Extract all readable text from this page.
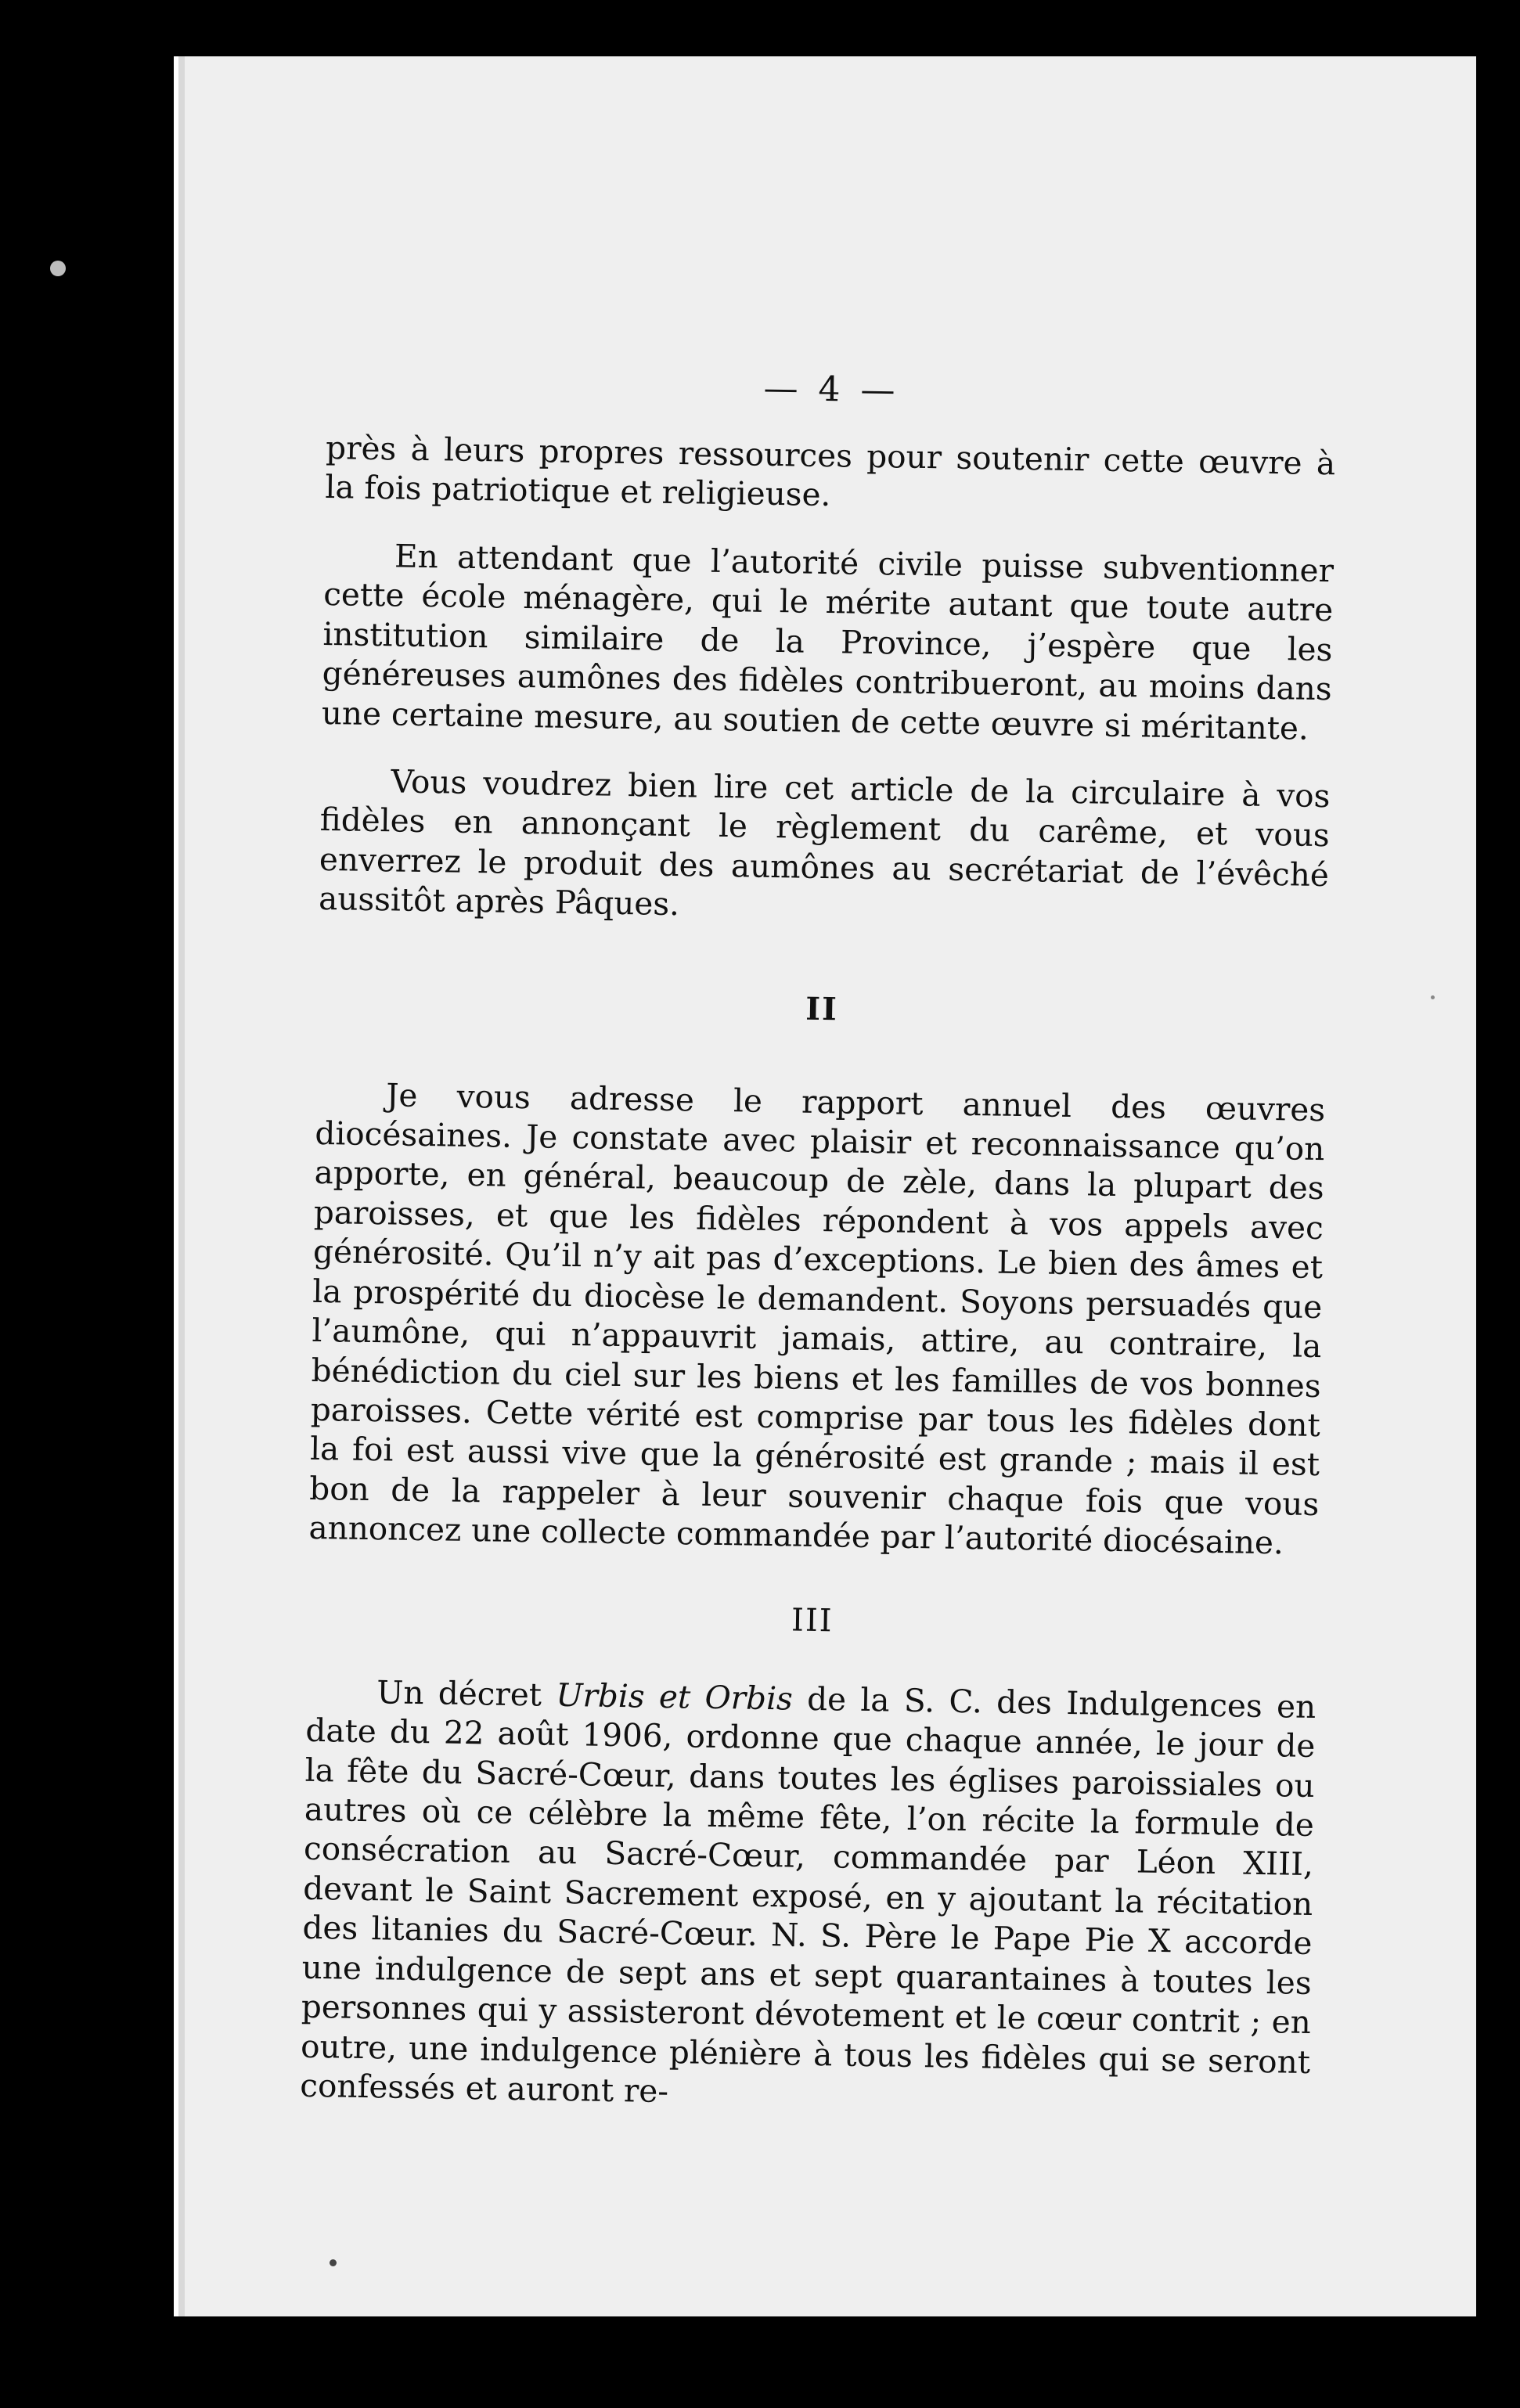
— 4 —

près à leurs propres ressources pour soutenir cette œuvre à la fois patriotique et religieuse.

En attendant que l’autorité civile puisse subventionner cette école ménagère, qui le mérite autant que toute autre institution similaire de la Province, j’espère que les généreuses aumônes des fidèles contribueront, au moins dans une certaine mesure, au soutien de cette œuvre si méritante.

Vous voudrez bien lire cet article de la circulaire à vos fidèles en annonçant le règlement du carême, et vous enverrez le produit des aumônes au secrétariat de l’évêché aussitôt après Pâques.

II

Je vous adresse le rapport annuel des œuvres diocésaines. Je constate avec plaisir et reconnaissance qu’on apporte, en général, beaucoup de zèle, dans la plupart des paroisses, et que les fidèles répondent à vos appels avec générosité. Qu’il n’y ait pas d’exceptions. Le bien des âmes et la prospérité du diocèse le demandent. Soyons persuadés que l’aumône, qui n’appauvrit jamais, attire, au contraire, la bénédiction du ciel sur les biens et les familles de vos bonnes paroisses. Cette vérité est comprise par tous les fidèles dont la foi est aussi vive que la générosité est grande ; mais il est bon de la rappeler à leur souvenir chaque fois que vous annoncez une collecte commandée par l’autorité diocésaine.

III

Un décret Urbis et Orbis de la S. C. des Indulgences en date du 22 août 1906, ordonne que chaque année, le jour de la fête du Sacré-Cœur, dans toutes les églises paroissiales ou autres où ce célèbre la même fête, l’on récite la formule de consécration au Sacré-Cœur, commandée par Léon XIII, devant le Saint Sacrement exposé, en y ajoutant la récitation des litanies du Sacré-Cœur. N. S. Père le Pape Pie X accorde une indulgence de sept ans et sept quarantaines à toutes les personnes qui y assisteront dévotement et le cœur contrit ; en outre, une indulgence plénière à tous les fidèles qui se seront confessés et auront re-
